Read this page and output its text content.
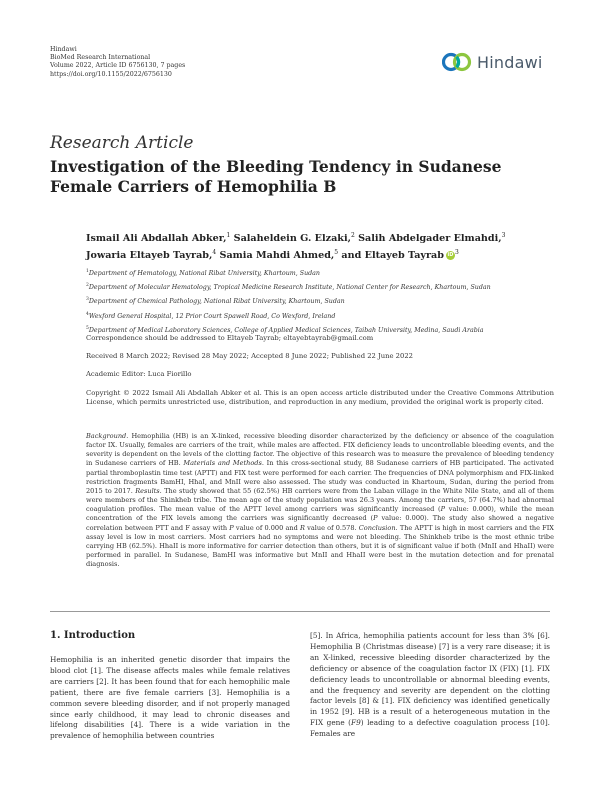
Hindawi
BioMed Research International
Volume 2022, Article ID 6756130, 7 pages
https://doi.org/10.1155/2022/6756130
Hindawi
Research Article
Investigation of the Bleeding Tendency in Sudanese Female Carriers of Hemophilia B
Ismail Ali Abdallah Abker,$^1$ Salaheldein G. Elzaki,$^2$ Salih Abdelgader Elmahdi,$^3$ Jowaria Eltayeb Tayrab,$^4$ Samia Mahdi Ahmed,$^5$ and Eltayeb Tayrab iD $^3$
$^1$Department of Hematology, National Ribat University, Khartoum, Sudan
$^2$Department of Molecular Hematology, Tropical Medicine Research Institute, National Center for Research, Khartoum, Sudan
$^3$Department of Chemical Pathology, National Ribat University, Khartoum, Sudan
$^4$Wexford General Hospital, 12 Prior Court Spawell Road, Co Wexford, Ireland
$^5$Department of Medical Laboratory Sciences, College of Applied Medical Sciences, Taibah University, Medina, Saudi Arabia
Correspondence should be addressed to Eltayeb Tayrab; eltayebtayrab@gmail.com
Received 8 March 2022; Revised 28 May 2022; Accepted 8 June 2022; Published 22 June 2022
Academic Editor: Luca Fiorillo
Copyright © 2022 Ismail Ali Abdallah Abker et al. This is an open access article distributed under the Creative Commons Attribution License, which permits unrestricted use, distribution, and reproduction in any medium, provided the original work is properly cited.
Background. Hemophilia (HB) is an X-linked, recessive bleeding disorder characterized by the deficiency or absence of the coagulation factor IX. Usually, females are carriers of the trait, while males are affected. FIX deficiency leads to uncontrollable bleeding events, and the severity is dependent on the levels of the clotting factor. The objective of this research was to measure the prevalence of bleeding tendency in Sudanese carriers of HB. Materials and Methods. In this cross-sectional study, 88 Sudanese carriers of HB participated. The activated partial thromboplastin time test (APTT) and FIX test were performed for each carrier. The frequencies of DNA polymorphism and FIX-linked restriction fragments BamHI, HhaI, and MnII were also assessed. The study was conducted in Khartoum, Sudan, during the period from 2015 to 2017. Results. The study showed that 55 (62.5%) HB carriers were from the Laban village in the White Nile State, and all of them were members of the Shinkheb tribe. The mean age of the study population was 26.3 years. Among the carriers, 57 (64.7%) had abnormal coagulation profiles. The mean value of the APTT level among carriers was significantly increased (P value: 0.000), while the mean concentration of the FIX levels among the carriers was significantly decreased (P value: 0.000). The study also showed a negative correlation between PTT and F assay with P value of 0.000 and R value of 0.578. Conclusion. The APTT is high in most carriers and the FIX assay level is low in most carriers. Most carriers had no symptoms and were not bleeding. The Shinkheb tribe is the most ethnic tribe carrying HB (62.5%). HhaII is more informative for carrier detection than others, but it is of significant value if both (MnII and HhaII) were performed in parallel. In Sudanese, BamHI was informative but MnII and HhaII were best in the mutation detection and for prenatal diagnosis.
1. Introduction
Hemophilia is an inherited genetic disorder that impairs the blood clot [1]. The disease affects males while female relatives are carriers [2]. It has been found that for each hemophilic male patient, there are five female carriers [3]. Hemophilia is a common severe bleeding disorder, and if not properly managed since early childhood, it may lead to chronic diseases and lifelong disabilities [4]. There is a wide variation in the prevalence of hemophilia between countries
[5]. In Africa, hemophilia patients account for less than 3% [6]. Hemophilia B (Christmas disease) [7] is a very rare disease; it is an X-linked, recessive bleeding disorder characterized by the deficiency or absence of the coagulation factor IX (FIX) [1]. FIX deficiency leads to uncontrollable or abnormal bleeding events, and the frequency and severity are dependent on the clotting factor levels [8] & [1]. FIX deficiency was identified genetically in 1952 [9]. HB is a result of a heterogeneous mutation in the FIX gene (F9) leading to a defective coagulation process [10]. Females are
